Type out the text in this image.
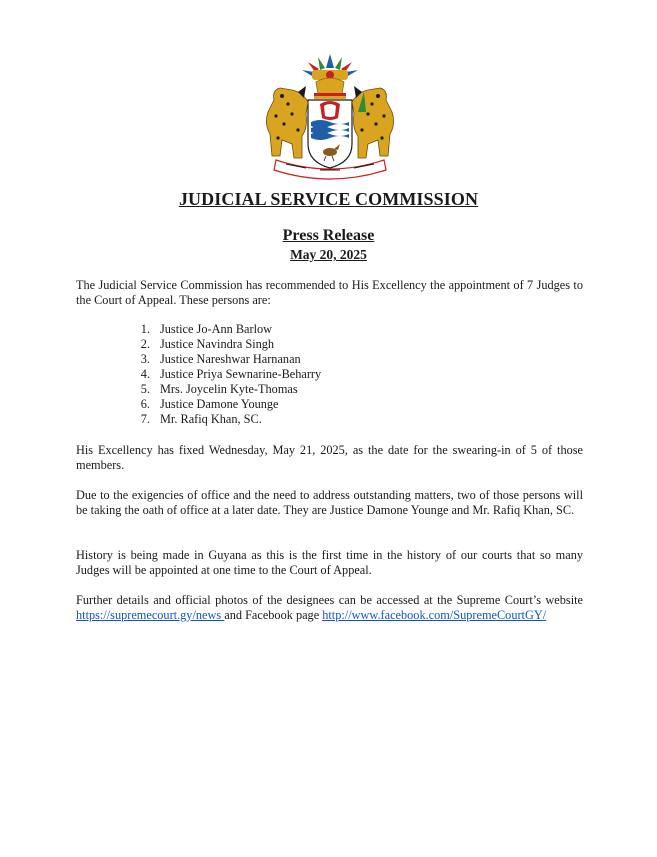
JUDICIAL SERVICE COMMISSION
Press Release
May 20, 2025

The Judicial Service Commission has recommended to His Excellency the appointment of 7 Judges to the Court of Appeal. These persons are:

1. Justice Jo-Ann Barlow
2. Justice Navindra Singh
3. Justice Nareshwar Harnanan
4. Justice Priya Sewnarine-Beharry
5. Mrs. Joycelin Kyte-Thomas
6. Justice Damone Younge
7. Mr. Rafiq Khan, SC.

His Excellency has fixed Wednesday, May 21, 2025, as the date for the swearing-in of 5 of those members.

Due to the exigencies of office and the need to address outstanding matters, two of those persons will be taking the oath of office at a later date. They are Justice Damone Younge and Mr. Rafiq Khan, SC.

History is being made in Guyana as this is the first time in the history of our courts that so many Judges will be appointed at one time to the Court of Appeal.

Further details and official photos of the designees can be accessed at the Supreme Court’s website https://supremecourt.gy/news and Facebook page http://www.facebook.com/SupremeCourtGY/
